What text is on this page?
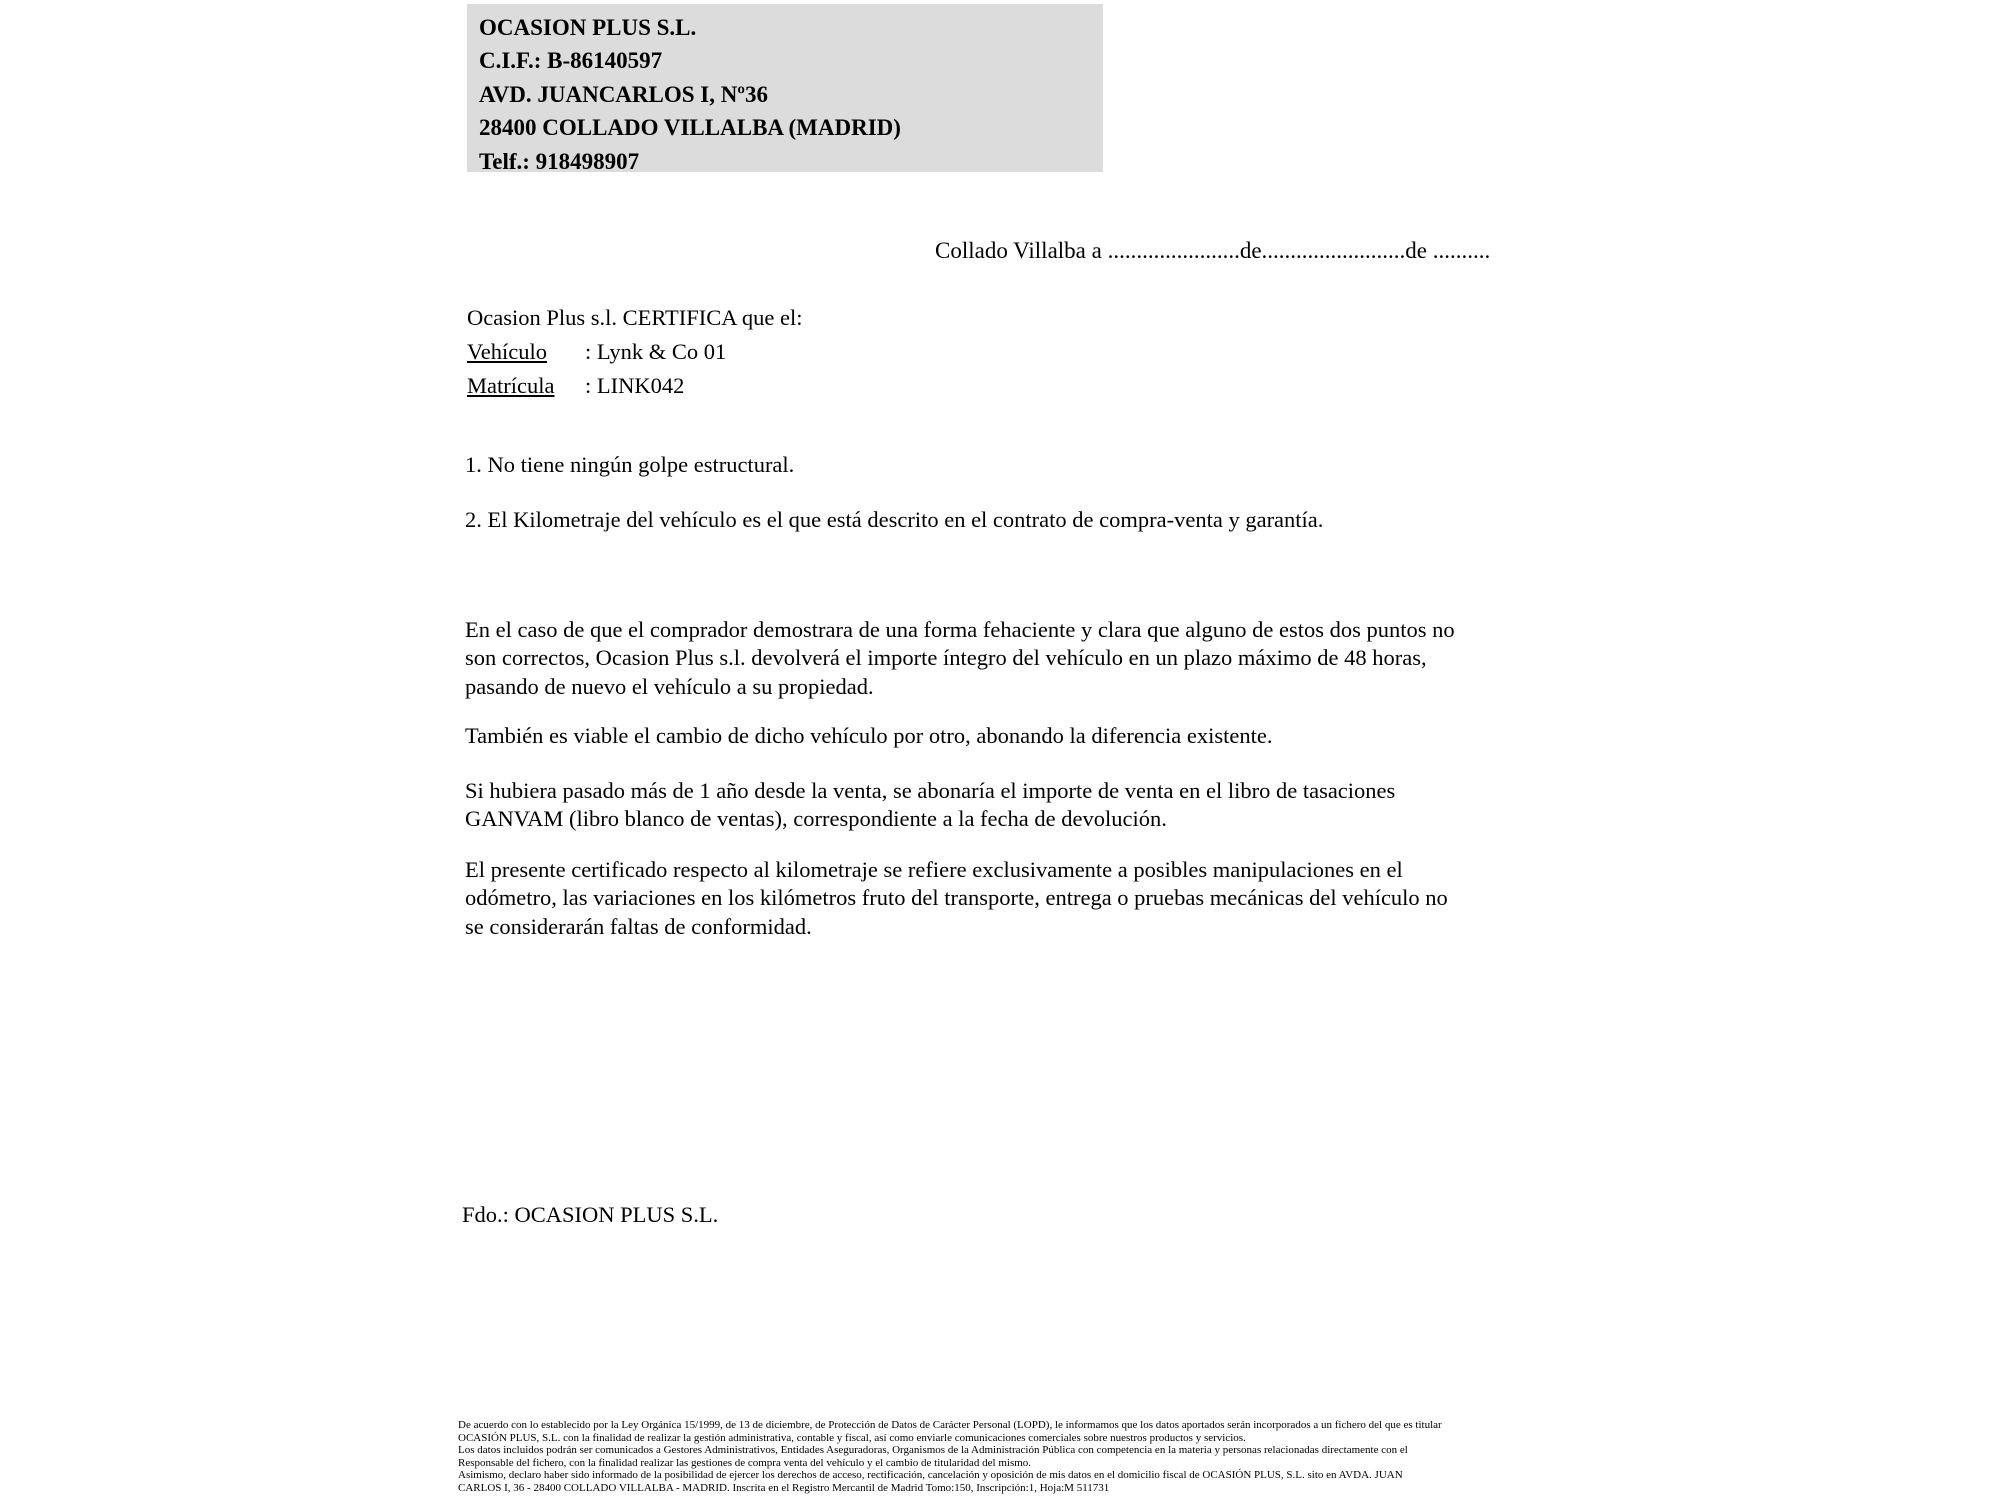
OCASION PLUS S.L.
C.I.F.: B-86140597
AVD. JUANCARLOS I, Nº36
28400 COLLADO VILLALBA (MADRID)
Telf.: 918498907
Collado Villalba a .......................de.........................de ..........
Ocasion Plus s.l. CERTIFICA que el:
Vehículo : Lynk & Co 01
Matrícula : LINK042
1. No tiene ningún golpe estructural.
2. El Kilometraje del vehículo es el que está descrito en el contrato de compra-venta y garantía.
En el caso de que el comprador demostrara de una forma fehaciente y clara que alguno de estos dos puntos no
son correctos, Ocasion Plus s.l. devolverá el importe íntegro del vehículo en un plazo máximo de 48 horas,
pasando de nuevo el vehículo a su propiedad.
También es viable el cambio de dicho vehículo por otro, abonando la diferencia existente.
Si hubiera pasado más de 1 año desde la venta, se abonaría el importe de venta en el libro de tasaciones
GANVAM (libro blanco de ventas), correspondiente a la fecha de devolución.
El presente certificado respecto al kilometraje se refiere exclusivamente a posibles manipulaciones en el
odómetro, las variaciones en los kilómetros fruto del transporte, entrega o pruebas mecánicas del vehículo no
se considerarán faltas de conformidad.
Fdo.: OCASION PLUS S.L.
De acuerdo con lo establecido por la Ley Orgánica 15/1999, de 13 de diciembre, de Protección de Datos de Carácter Personal (LOPD), le informamos que los datos aportados serán incorporados a un fichero del que es titular
OCASIÓN PLUS, S.L. con la finalidad de realizar la gestión administrativa, contable y fiscal, así como enviarle comunicaciones comerciales sobre nuestros productos y servicios.
Los datos incluidos podrán ser comunicados a Gestores Administrativos, Entidades Aseguradoras, Organismos de la Administración Pública con competencia en la materia y personas relacionadas directamente con el
Responsable del fichero, con la finalidad realizar las gestiones de compra venta del vehículo y el cambio de titularidad del mismo.
Asimismo, declaro haber sido informado de la posibilidad de ejercer los derechos de acceso, rectificación, cancelación y oposición de mis datos en el domicilio fiscal de OCASIÓN PLUS, S.L. sito en AVDA. JUAN
CARLOS I, 36 - 28400 COLLADO VILLALBA - MADRID. Inscrita en el Registro Mercantil de Madrid Tomo:150, Inscripción:1, Hoja:M 511731
